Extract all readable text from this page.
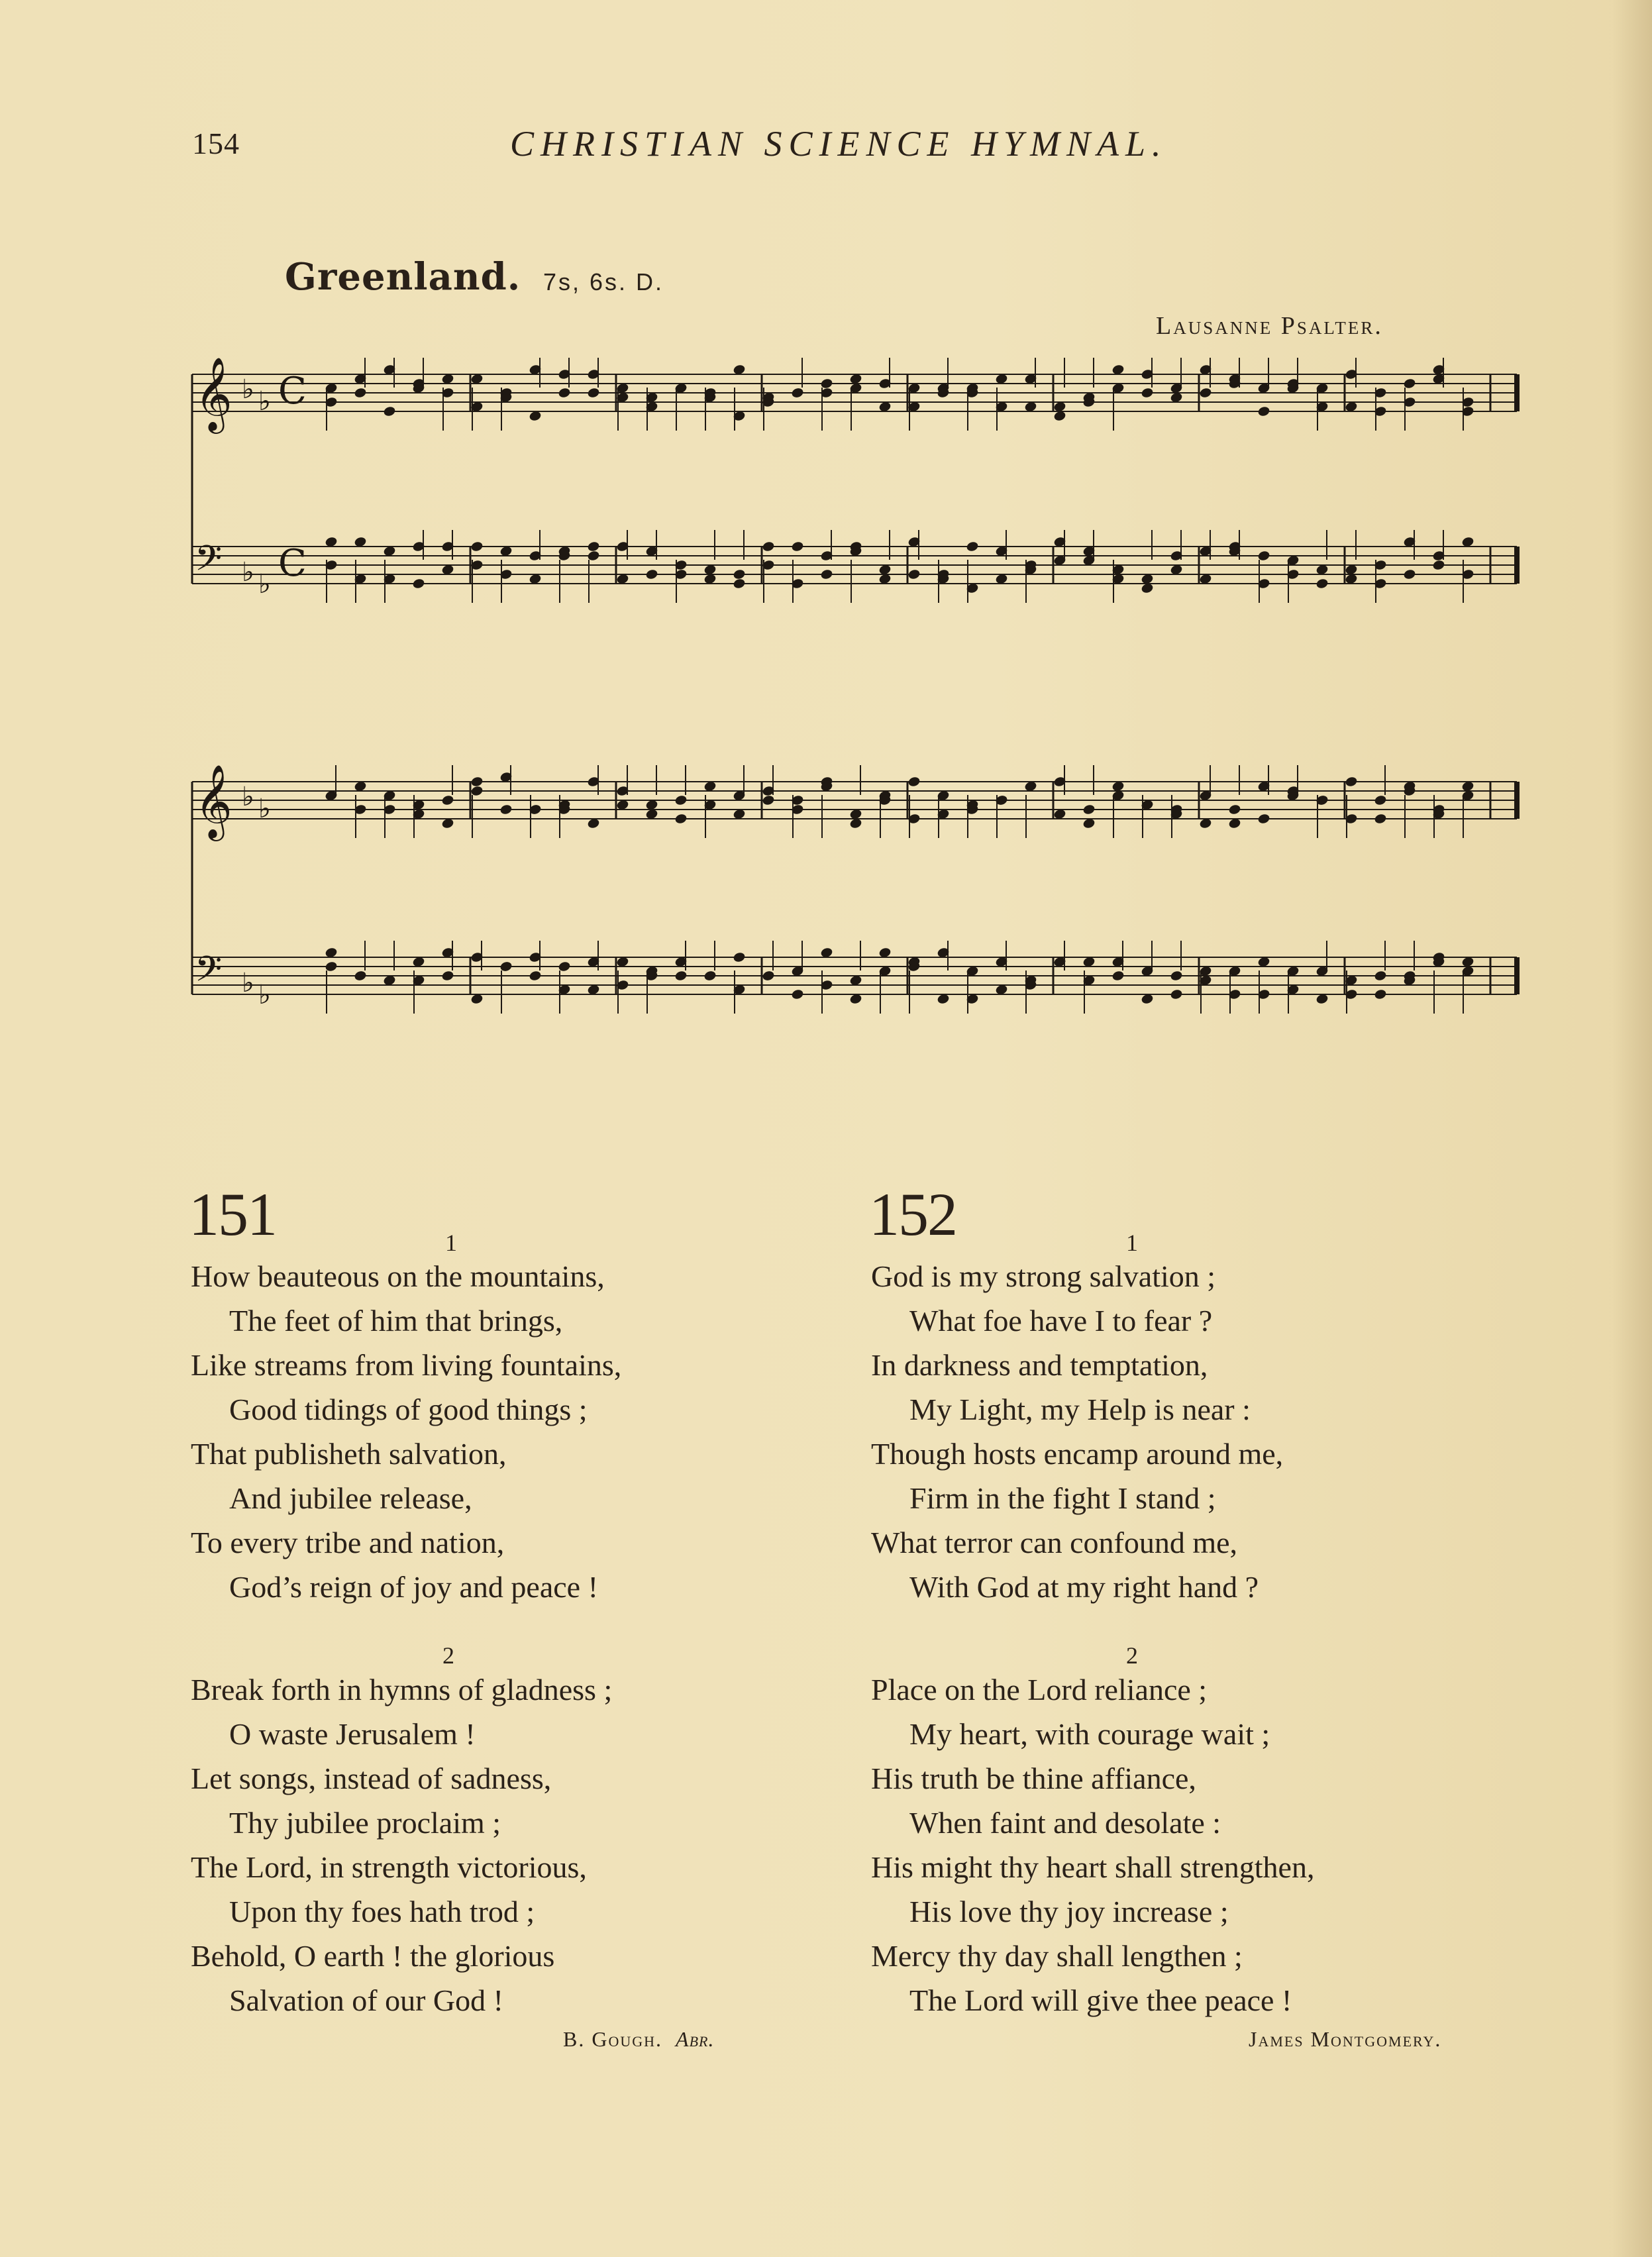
154	CHRISTIAN SCIENCE HYMNAL.
Greenland. 7s, 6s. D.
Lausanne Psalter.
𝄞 ♭ ♭ C
𝄢 ♭ ♭ C
𝄞 ♭ ♭
𝄢 ♭ ♭
151	1
How beauteous on the mountains,
The feet of him that brings,
Like streams from living fountains,
Good tidings of good things ;
That publisheth salvation,
And jubilee release,
To every tribe and nation,
God’s reign of joy and peace !
2
Break forth in hymns of gladness ;
O waste Jerusalem !
Let songs, instead of sadness,
Thy jubilee proclaim ;
The Lord, in strength victorious,
Upon thy foes hath trod ;
Behold, O earth ! the glorious
Salvation of our God !
B. Gough. Abr.
152	1
God is my strong salvation ;
What foe have I to fear ?
In darkness and temptation,
My Light, my Help is near :
Though hosts encamp around me,
Firm in the fight I stand ;
What terror can confound me,
With God at my right hand ?
2
Place on the Lord reliance ;
My heart, with courage wait ;
His truth be thine affiance,
When faint and desolate :
His might thy heart shall strengthen,
His love thy joy increase ;
Mercy thy day shall lengthen ;
The Lord will give thee peace !
James Montgomery.
